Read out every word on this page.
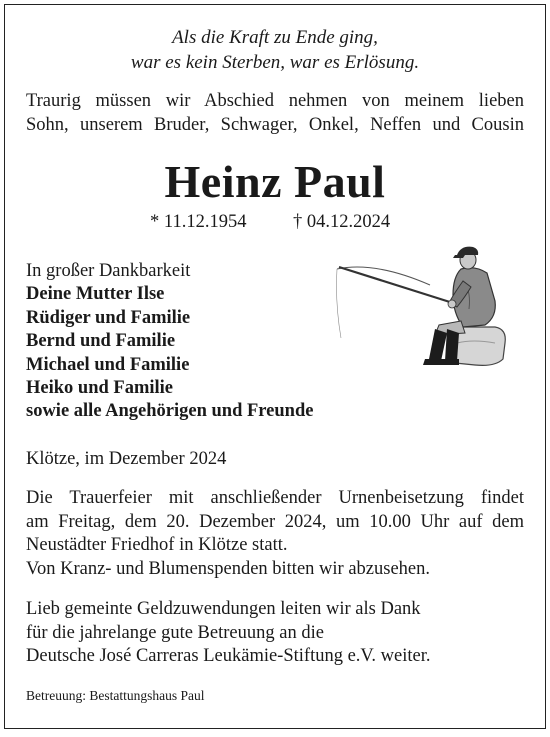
Als die Kraft zu Ende ging,
war es kein Sterben, war es Erlösung.
Traurig müssen wir Abschied nehmen von meinem lieben
Sohn, unserem Bruder, Schwager, Onkel, Neffen und Cousin
Heinz Paul
* 11.12.1954	† 04.12.2024
In großer Dankbarkeit
Deine Mutter Ilse
Rüdiger und Familie
Bernd und Familie
Michael und Familie
Heiko und Familie
sowie alle Angehörigen und Freunde
Klötze, im Dezember 2024
Die Trauerfeier mit anschließender Urnenbeisetzung findet
am Freitag, dem 20. Dezember 2024, um 10.00 Uhr auf dem
Neustädter Friedhof in Klötze statt.
Von Kranz- und Blumenspenden bitten wir abzusehen.
Lieb gemeinte Geldzuwendungen leiten wir als Dank
für die jahrelange gute Betreuung an die
Deutsche José Carreras Leukämie-Stiftung e.V. weiter.
Betreuung: Bestattungshaus Paul
